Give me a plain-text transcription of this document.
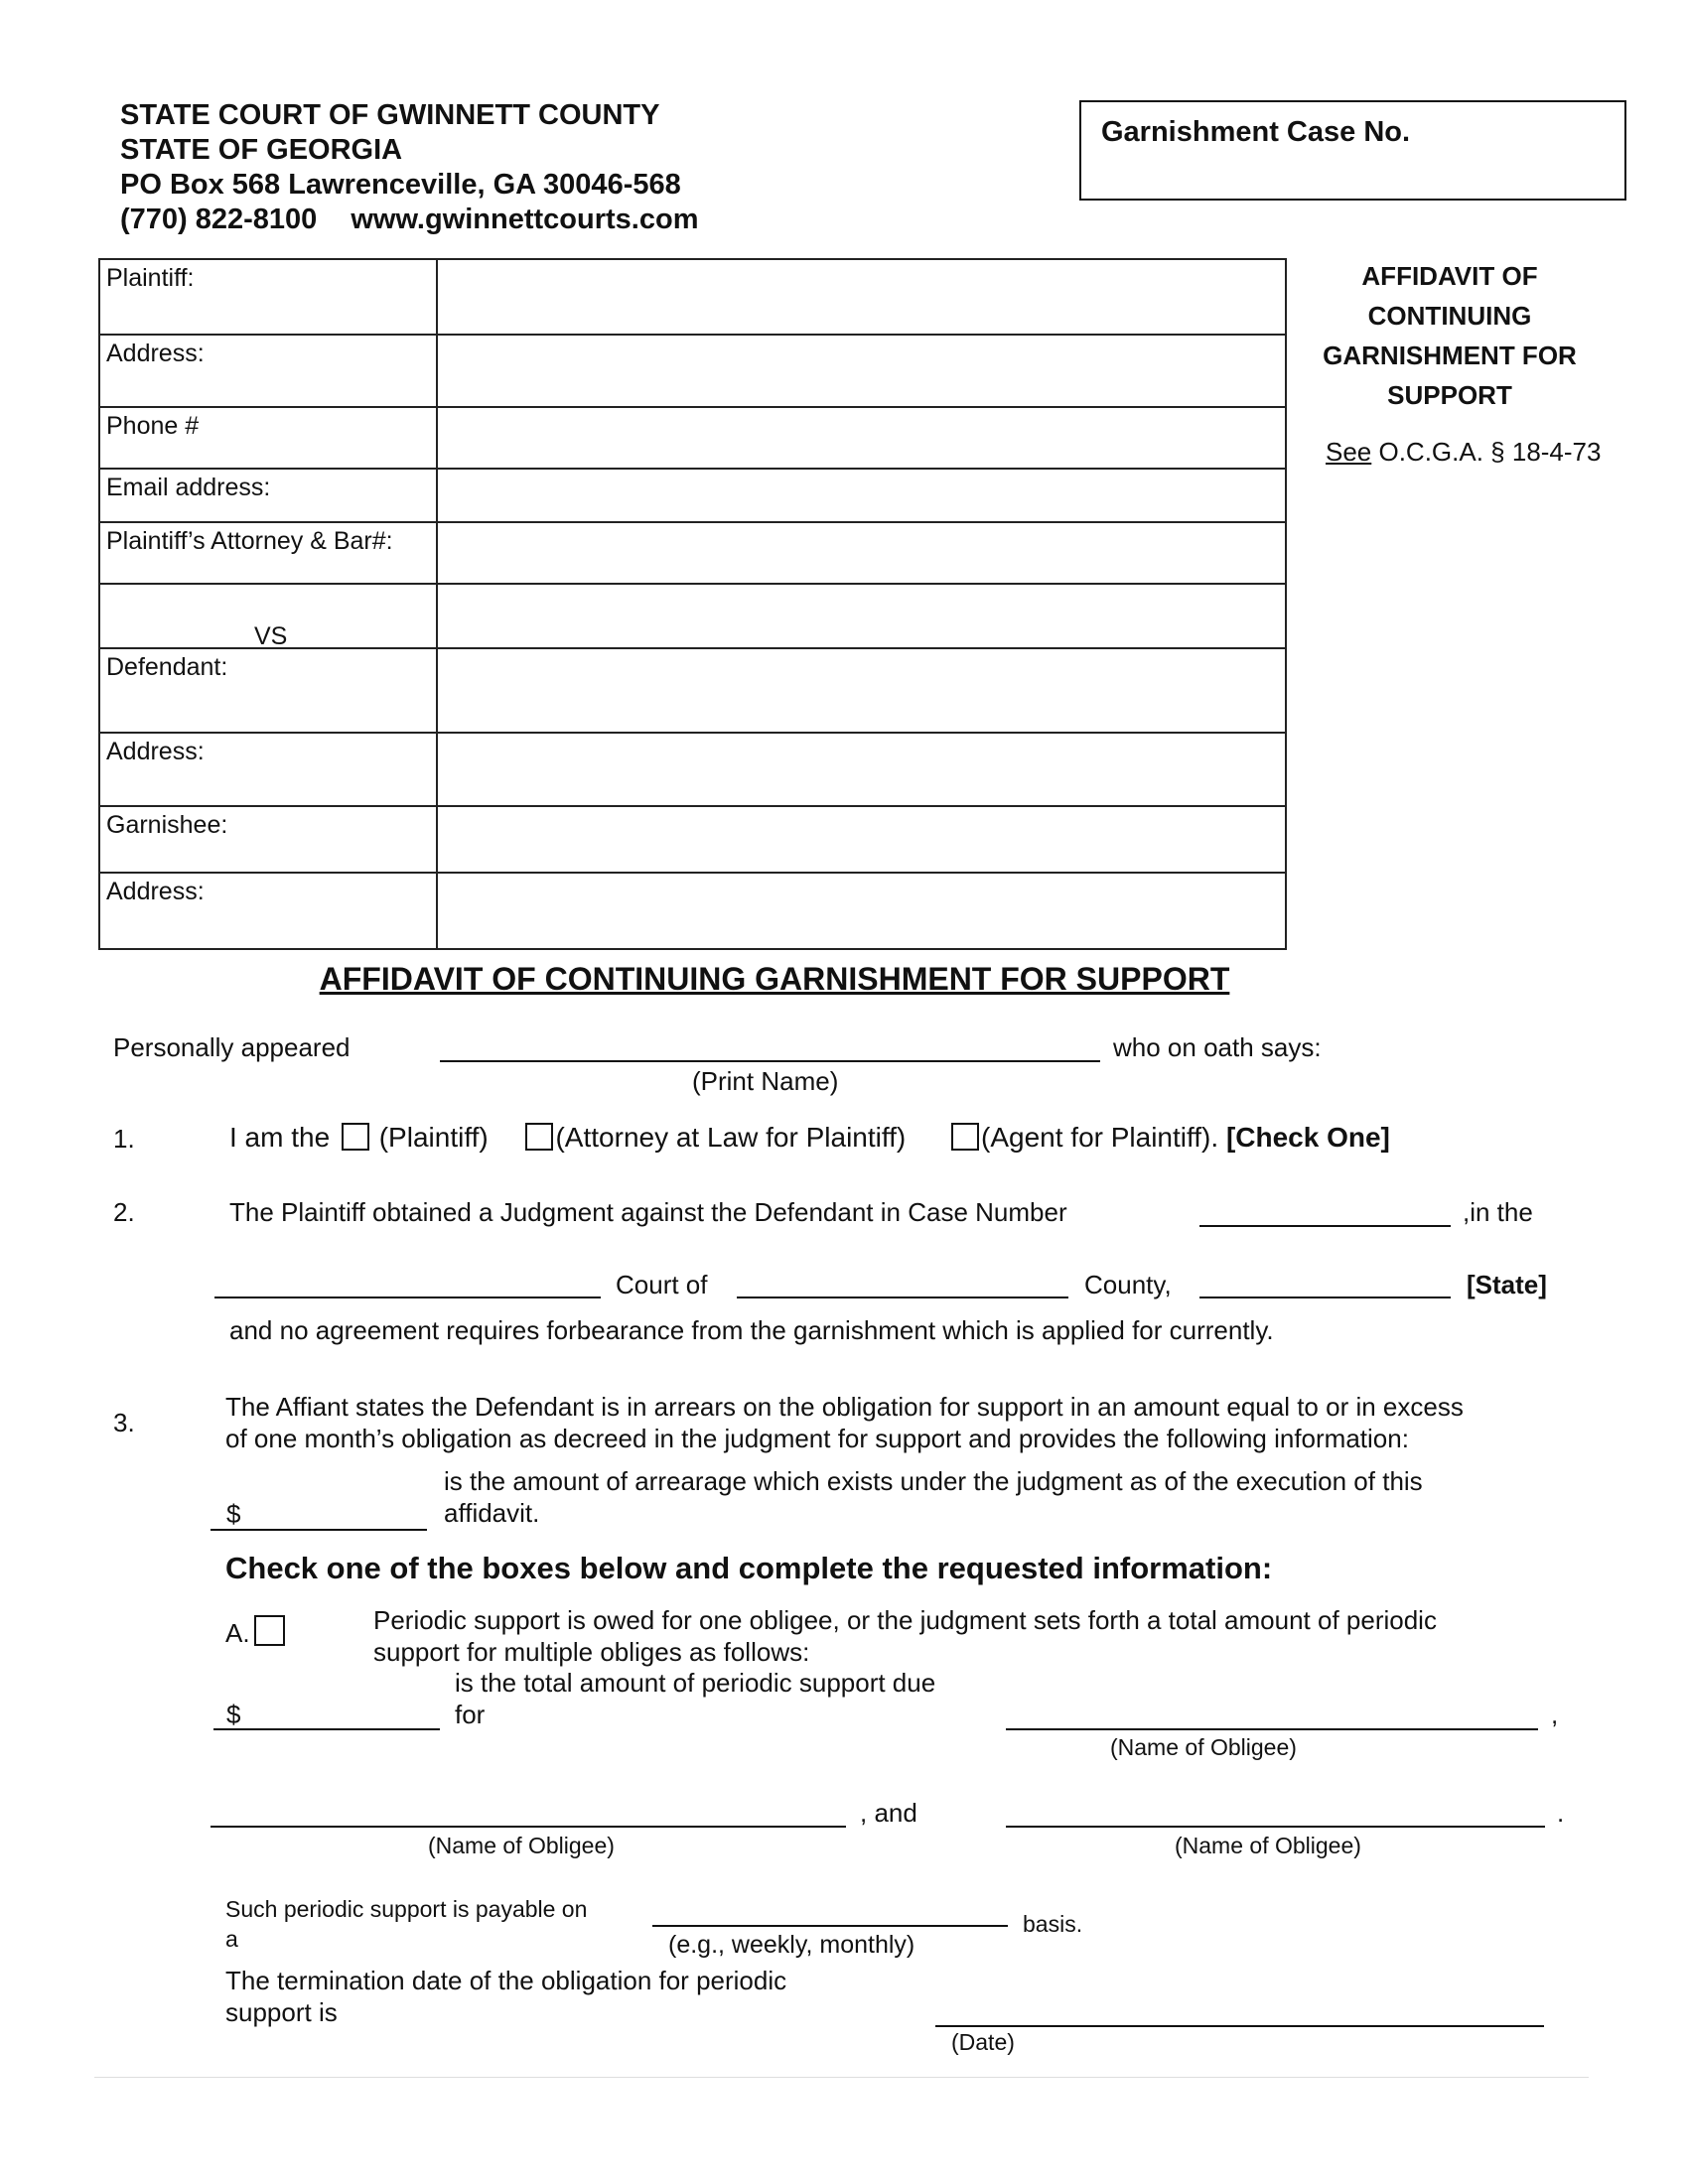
STATE COURT OF GWINNETT COUNTY
STATE OF GEORGIA
PO Box 568 Lawrenceville, GA 30046-568
(770) 822-8100 www.gwinnettcourts.com
Garnishment Case No.
AFFIDAVIT OF
CONTINUING
GARNISHMENT FOR
SUPPORT
See O.C.G.A. § 18-4-73
Plaintiff:	
Address:	
Phone #	
Email address:	
Plaintiff’s Attorney & Bar#:	

VS	

Defendant:	
Address:	
Garnishee:	
Address:	
AFFIDAVIT OF CONTINUING GARNISHMENT FOR SUPPORT
Personally appeared	who on oath says:
(Print Name)
1.	I am the (Plaintiff) (Attorney at Law for Plaintiff)	(Agent for Plaintiff). [Check One]
2.	The Plaintiff obtained a Judgment against the Defendant in Case Number	,in the
Court of	County,	[State]
and no agreement requires forbearance from the garnishment which is applied for currently.
3.
The Affiant states the Defendant is in arrears on the obligation for support in an amount equal to or in excess
of one month’s obligation as decreed in the judgment for support and provides the following information:
$
is the amount of arrearage which exists under the judgment as of the execution of this
affidavit.
Check one of the boxes below and complete the requested information:
A.	Periodic support is owed for one obligee, or the judgment sets forth a total amount of periodic
support for multiple obliges as follows:
is the total amount of periodic support due
for
$	,
(Name of Obligee)
, and	.
(Name of Obligee)	(Name of Obligee)
Such periodic support is payable on
a	(e.g., weekly, monthly)
basis.
The termination date of the obligation for periodic
support is
(Date)
